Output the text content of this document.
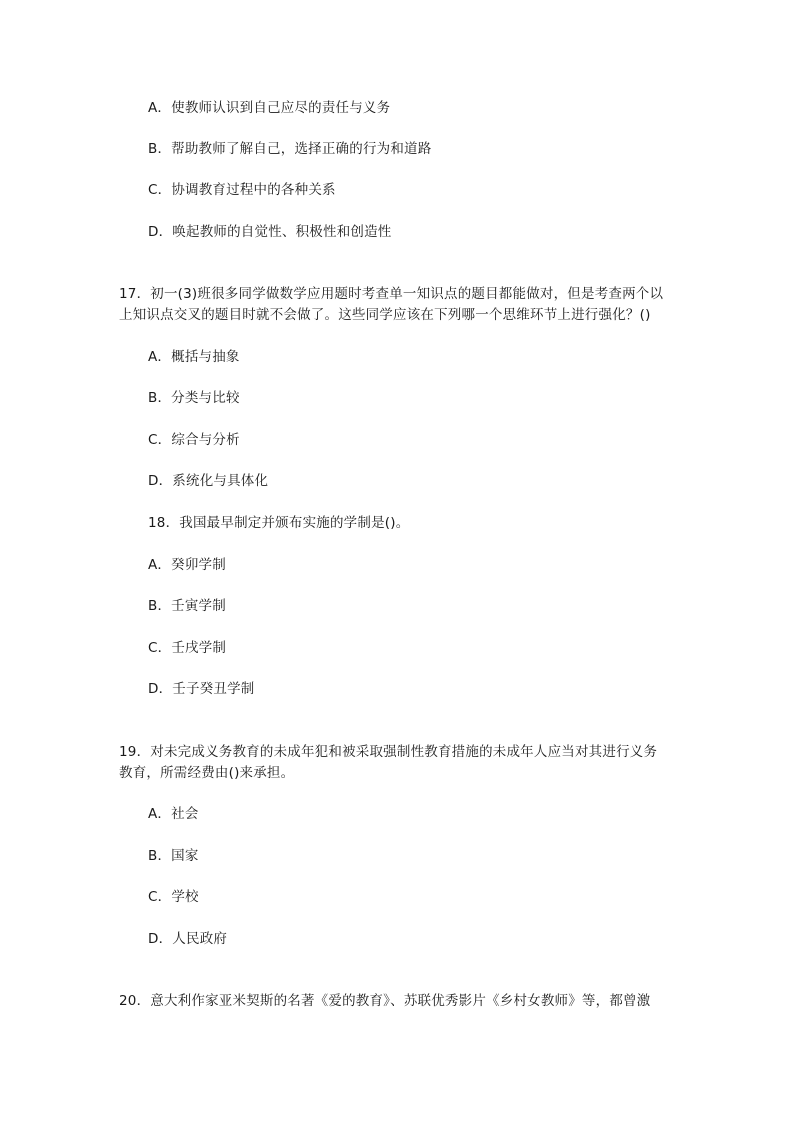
A．使教师认识到自己应尽的责任与义务
B．帮助教师了解自己，选择正确的行为和道路
C．协调教育过程中的各种关系
D．唤起教师的自觉性、积极性和创造性
17．初一(3)班很多同学做数学应用题时考查单一知识点的题目都能做对，但是考查两个以
上知识点交叉的题目时就不会做了。这些同学应该在下列哪一个思维环节上进行强化？()
A．概括与抽象
B．分类与比较
C．综合与分析
D．系统化与具体化
18．我国最早制定并颁布实施的学制是()。
A．癸卯学制
B．壬寅学制
C．壬戌学制
D．壬子癸丑学制
19．对未完成义务教育的未成年犯和被采取强制性教育措施的未成年人应当对其进行义务
教育，所需经费由()来承担。
A．社会
B．国家
C．学校
D．人民政府
20．意大利作家亚米契斯的名著《爱的教育》、苏联优秀影片《乡村女教师》等，都曾激
